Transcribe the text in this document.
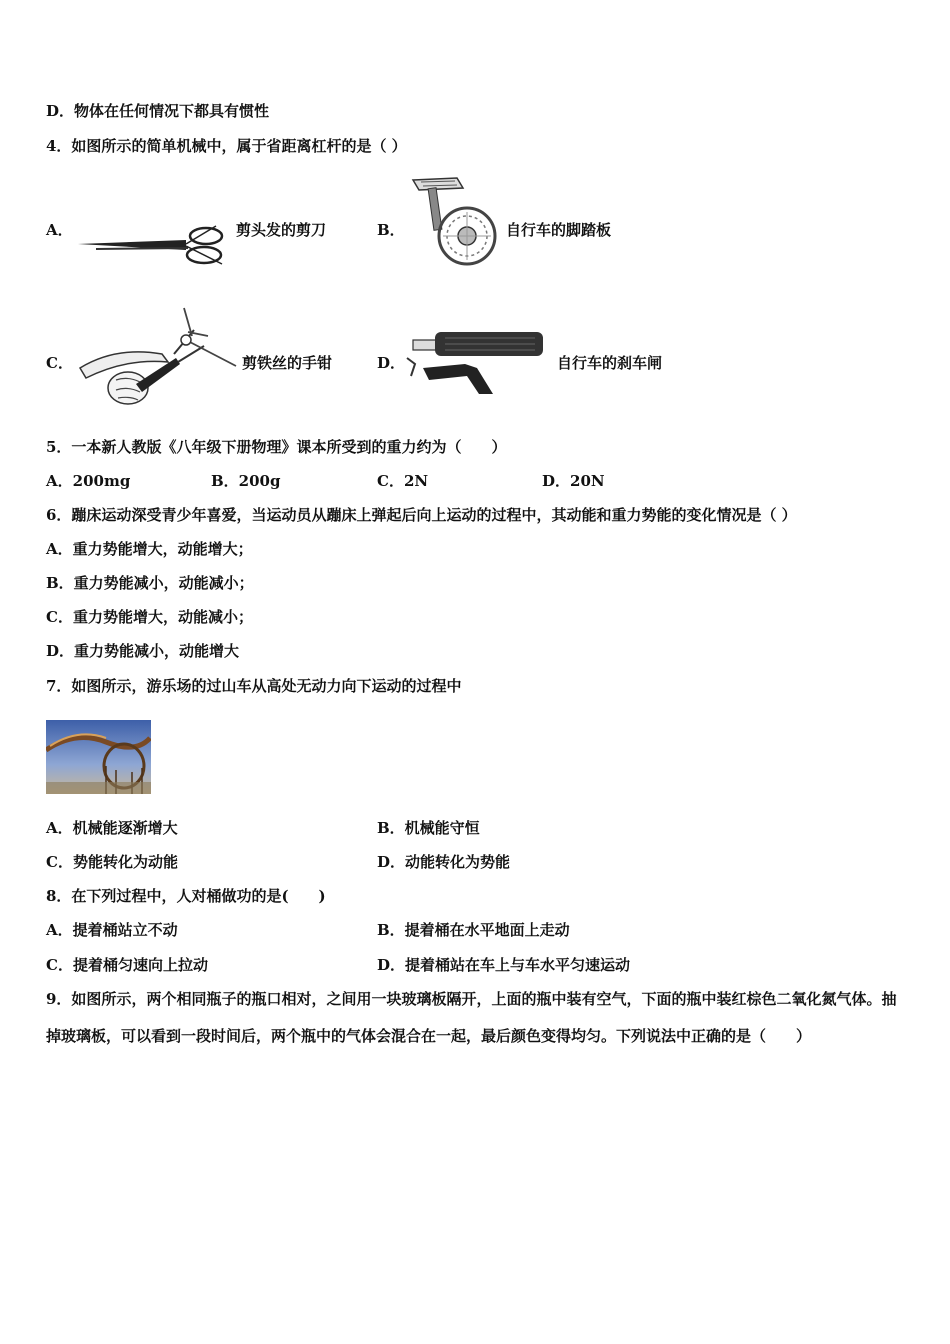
D．物体在任何情况下都具有惯性
4．如图所示的简单机械中，属于省距离杠杆的是（ ）
A．	剪头发的剪刀	B．	自行车的脚踏板
C．	剪铁丝的手钳	D．	自行车的刹车闸
5．一本新人教版《八年级下册物理》课本所受到的重力约为（　　）
A．200mg	B．200g	C．2N	D．20N
6．蹦床运动深受青少年喜爱，当运动员从蹦床上弹起后向上运动的过程中，其动能和重力势能的变化情况是（ ）
A．重力势能增大，动能增大；
B．重力势能减小，动能减小；
C．重力势能增大，动能减小；
D．重力势能减小，动能增大
7．如图所示，游乐场的过山车从高处无动力向下运动的过程中
A．机械能逐渐增大	B．机械能守恒
C．势能转化为动能	D．动能转化为势能
8．在下列过程中，人对桶做功的是(　　)
A．提着桶站立不动	B．提着桶在水平地面上走动
C．提着桶匀速向上拉动	D．提着桶站在车上与车水平匀速运动
9．如图所示，两个相同瓶子的瓶口相对，之间用一块玻璃板隔开，上面的瓶中装有空气，下面的瓶中装红棕色二氧化氮气体。抽掉玻璃板，可以看到一段时间后，两个瓶中的气体会混合在一起，最后颜色变得均匀。下列说法中正确的是（　　）
